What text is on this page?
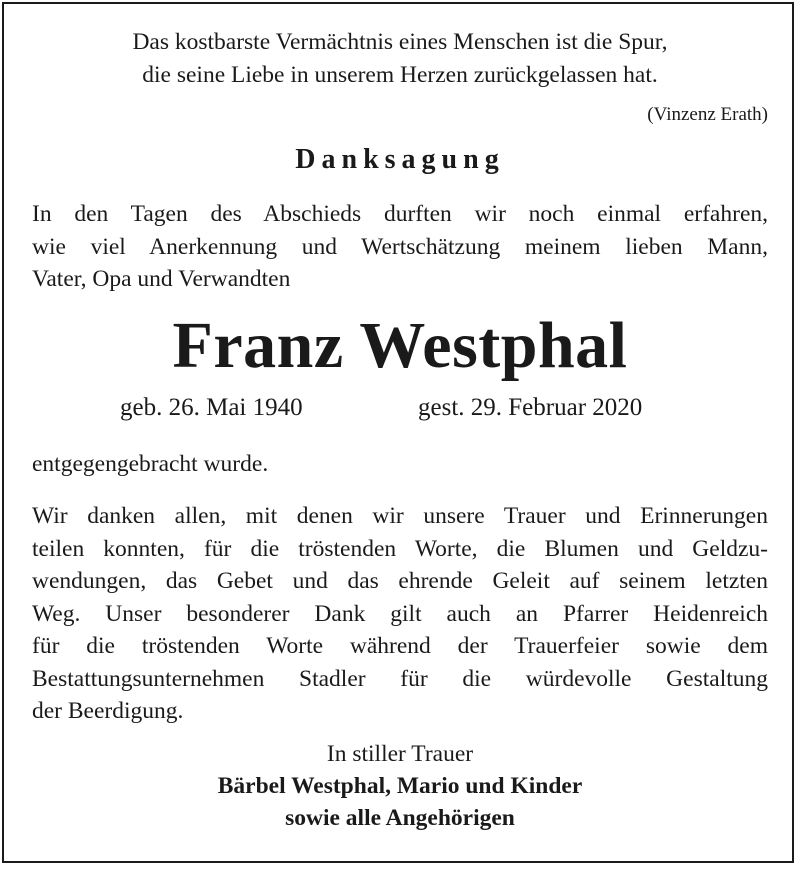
Das kostbarste Vermächtnis eines Menschen ist die Spur,
die seine Liebe in unserem Herzen zurückgelassen hat.
(Vinzenz Erath)
Danksagung
In den Tagen des Abschieds durften wir noch einmal erfahren,
wie viel Anerkennung und Wertschätzung meinem lieben Mann,
Vater, Opa und Verwandten
Franz Westphal
geb. 26. Mai 1940	gest. 29. Februar 2020
entgegengebracht wurde.
Wir danken allen, mit denen wir unsere Trauer und Erinnerungen
teilen konnten, für die tröstenden Worte, die Blumen und Geldzu-
wendungen, das Gebet und das ehrende Geleit auf seinem letzten
Weg. Unser besonderer Dank gilt auch an Pfarrer Heidenreich
für die tröstenden Worte während der Trauerfeier sowie dem
Bestattungsunternehmen Stadler für die würdevolle Gestaltung
der Beerdigung.
In stiller Trauer
Bärbel Westphal, Mario und Kinder
sowie alle Angehörigen
